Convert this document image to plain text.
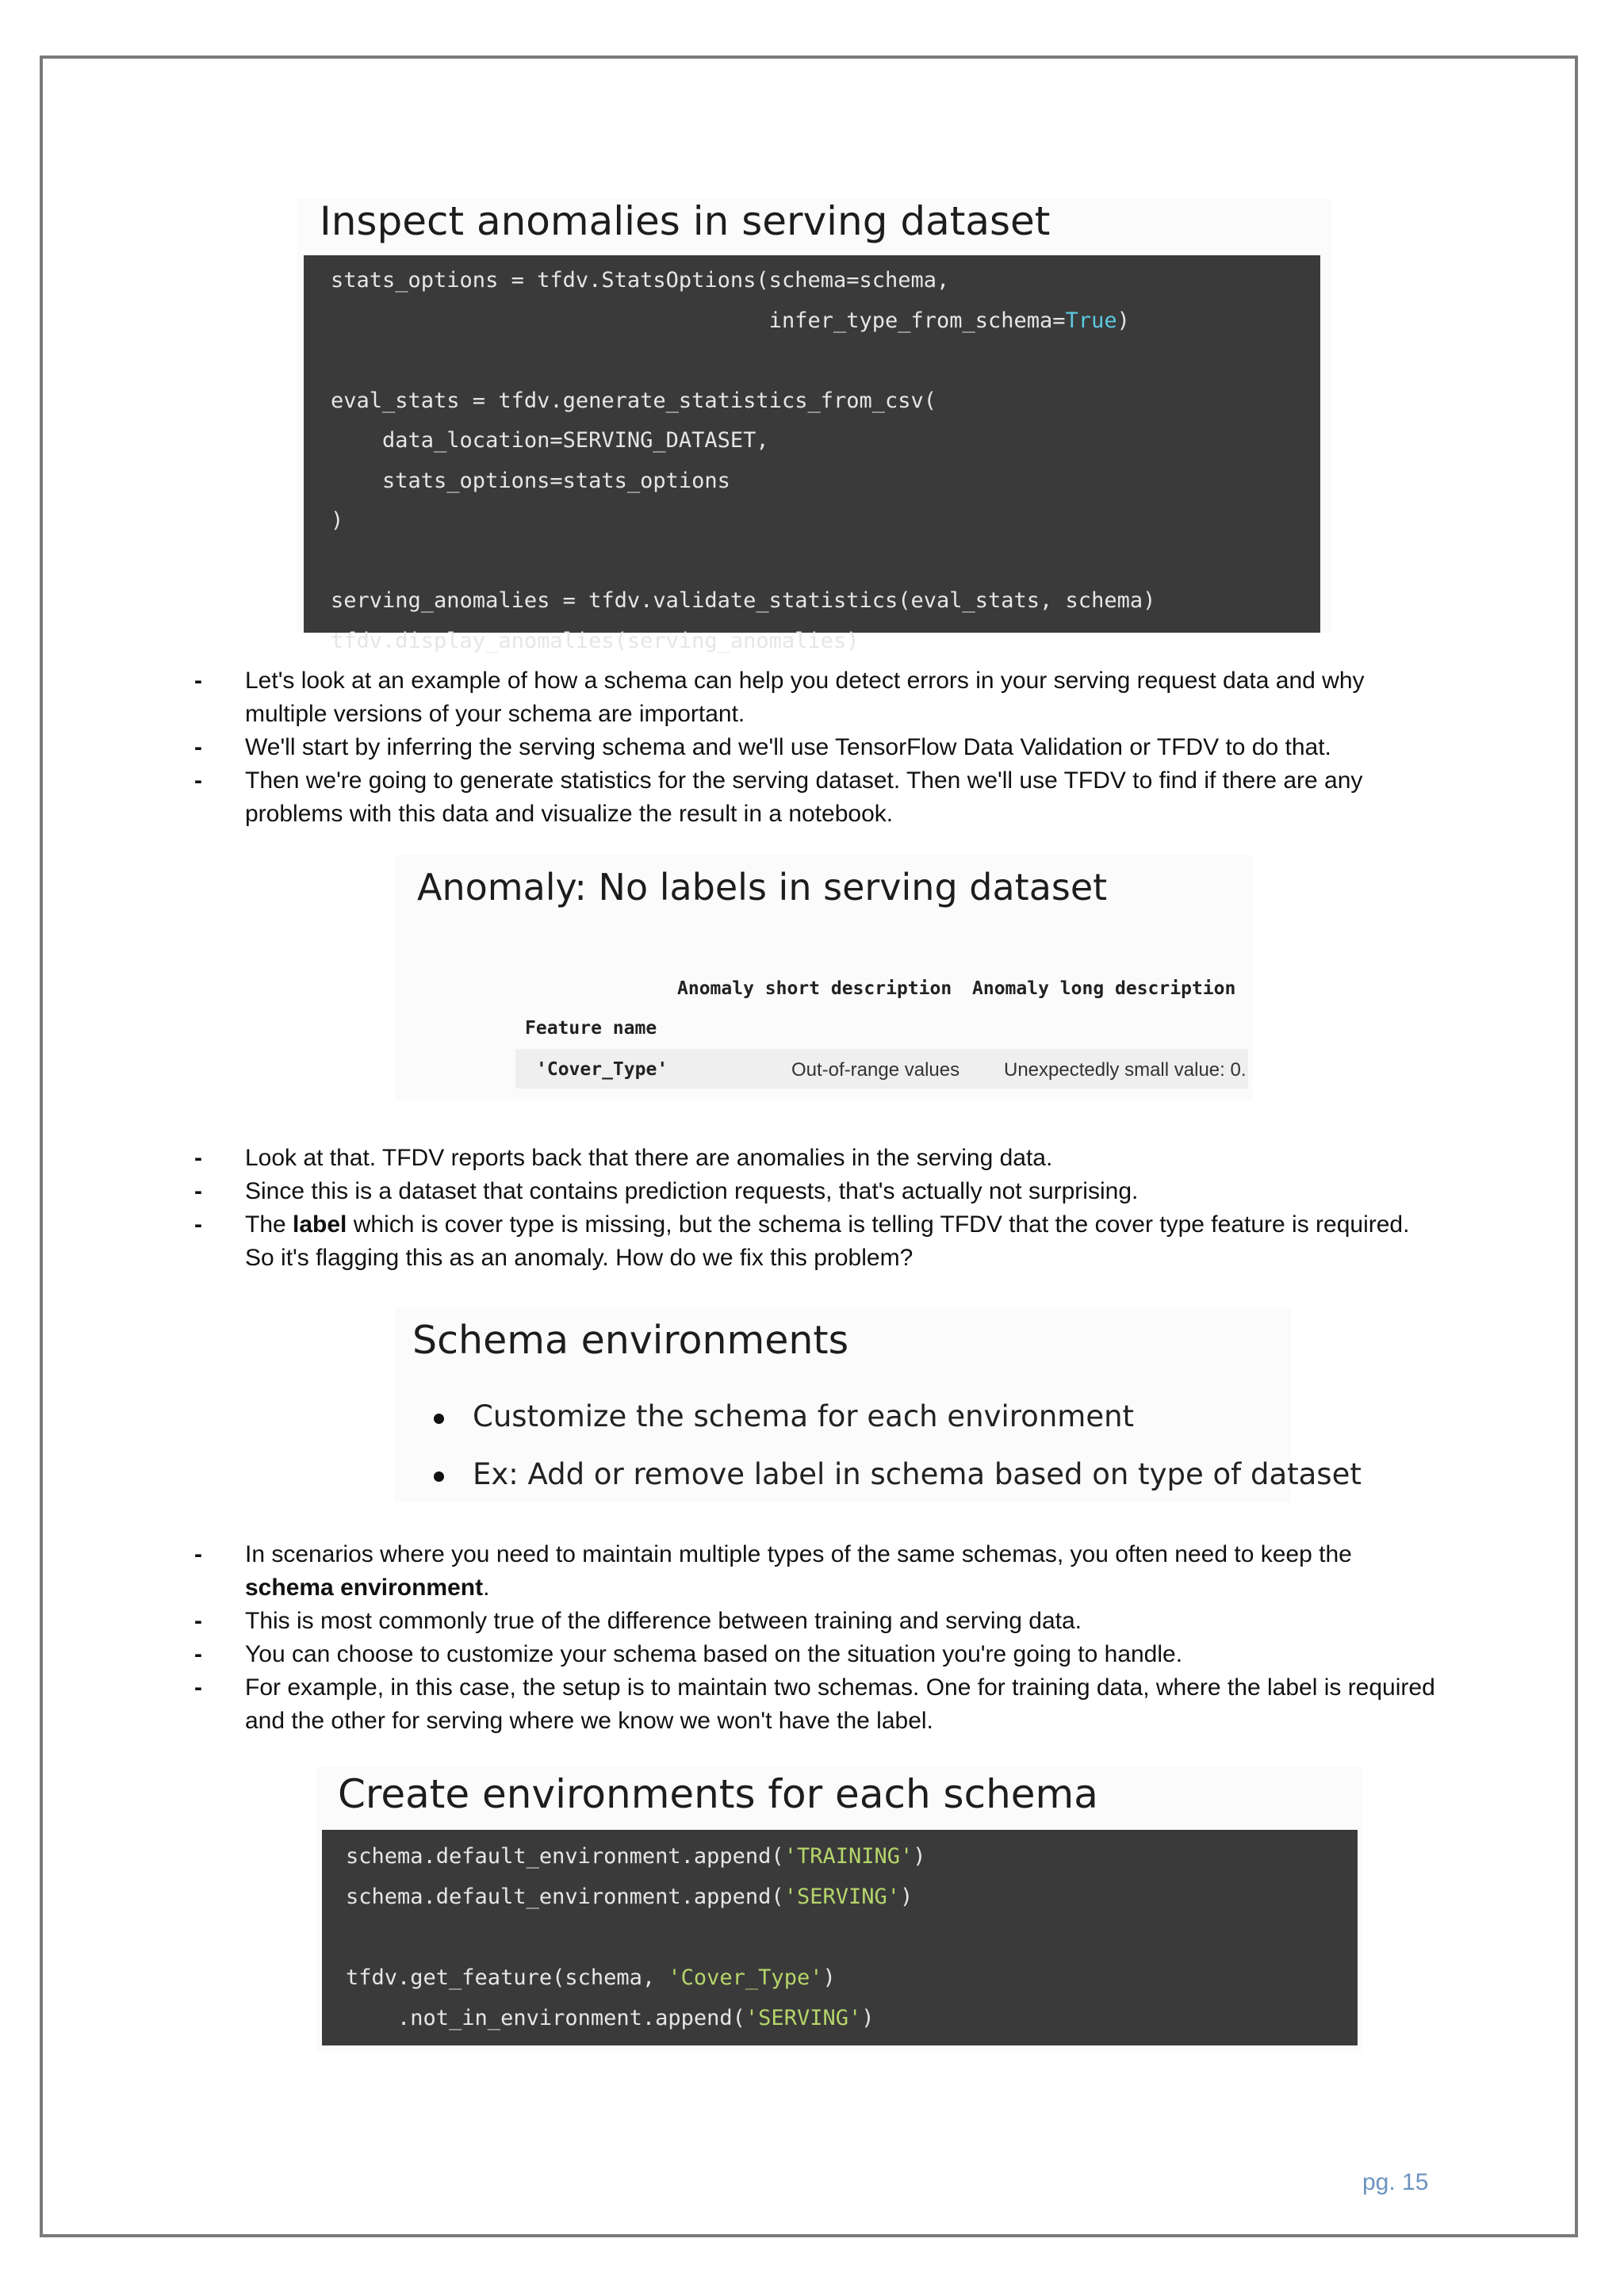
Inspect anomalies in serving dataset
stats_options = tfdv.StatsOptions(schema=schema,
infer_type_from_schema=True)
eval_stats = tfdv.generate_statistics_from_csv(
data_location=SERVING_DATASET,
stats_options=stats_options
)
serving_anomalies = tfdv.validate_statistics(eval_stats, schema)
tfdv.display_anomalies(serving_anomalies)
- Let's look at an example of how a schema can help you detect errors in your serving request data and why multiple versions of your schema are important.
- We'll start by inferring the serving schema and we'll use TensorFlow Data Validation or TFDV to do that.
- Then we're going to generate statistics for the serving dataset. Then we'll use TFDV to find if there are any problems with this data and visualize the result in a notebook.
Anomaly: No labels in serving dataset
Anomaly short description Anomaly long description
Feature name
'Cover_Type'	Out-of-range values Unexpectedly small value: 0.
- Look at that. TFDV reports back that there are anomalies in the serving data.
- Since this is a dataset that contains prediction requests, that's actually not surprising.
- The label which is cover type is missing, but the schema is telling TFDV that the cover type feature is required. So it's flagging this as an anomaly. How do we fix this problem?
Schema environments
Customize the schema for each environment
Ex: Add or remove label in schema based on type of dataset
- In scenarios where you need to maintain multiple types of the same schemas, you often need to keep the schema environment.
- This is most commonly true of the difference between training and serving data.
- You can choose to customize your schema based on the situation you're going to handle.
- For example, in this case, the setup is to maintain two schemas. One for training data, where the label is required and the other for serving where we know we won't have the label.
Create environments for each schema
schema.default_environment.append('TRAINING')
schema.default_environment.append('SERVING')
tfdv.get_feature(schema, 'Cover_Type')
.not_in_environment.append('SERVING')
pg. 15
